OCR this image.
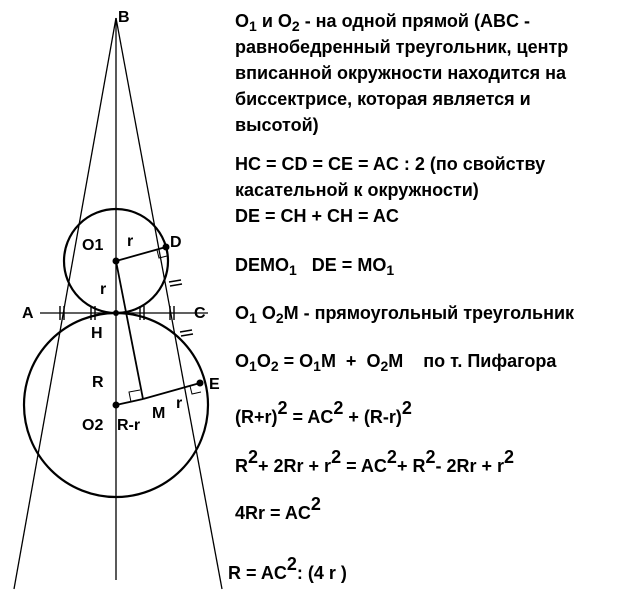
B
A	C
H
D
E
M
O1
O2
r
r
R
R-r
r
$O_1$ и $O_2$ - на одной прямой (ABC -
равнобедренный треугольник, центр
вписанной окружности находится на
биссектрисе, которая является и
высотой)
HC = CD = CE = AC : 2 (по свойству
касательной к окружности)
DE = CH + CH = AC
$DEMO_1$   DE = $MO_1$
$O_1$ $O_2M$ - прямоугольный треугольник
$O_1O_2 = O_1M + O_2M$    по т. Пифагора
(R+r)2 = AC2 + (R-r)2
R2+ 2Rr + r2 = AC2+ R2- 2Rr + r2
4Rr = AC2
R = AC2: (4 r )
